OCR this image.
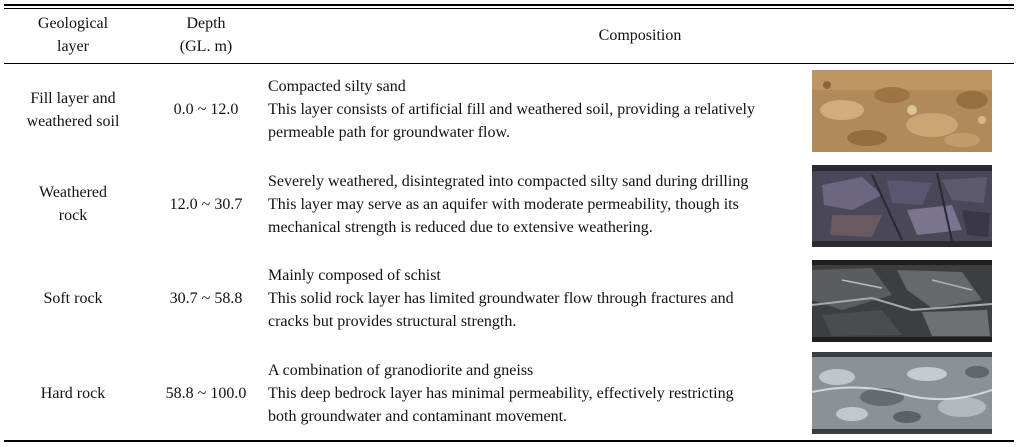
Geological
layer
Depth
(GL. m)
Composition
Fill layer and
weathered soil
0.0 ~ 12.0
Compacted silty sand
This layer consists of artificial fill and weathered soil, providing a relatively
permeable path for groundwater flow.
Weathered
rock
12.0 ~ 30.7
Severely weathered, disintegrated into compacted silty sand during drilling
This layer may serve as an aquifer with moderate permeability, though its
mechanical strength is reduced due to extensive weathering.
Soft rock	30.7 ~ 58.8
Mainly composed of schist
This solid rock layer has limited groundwater flow through fractures and
cracks but provides structural strength.
Hard rock	58.8 ~ 100.0
A combination of granodiorite and gneiss
This deep bedrock layer has minimal permeability, effectively restricting
both groundwater and contaminant movement.
